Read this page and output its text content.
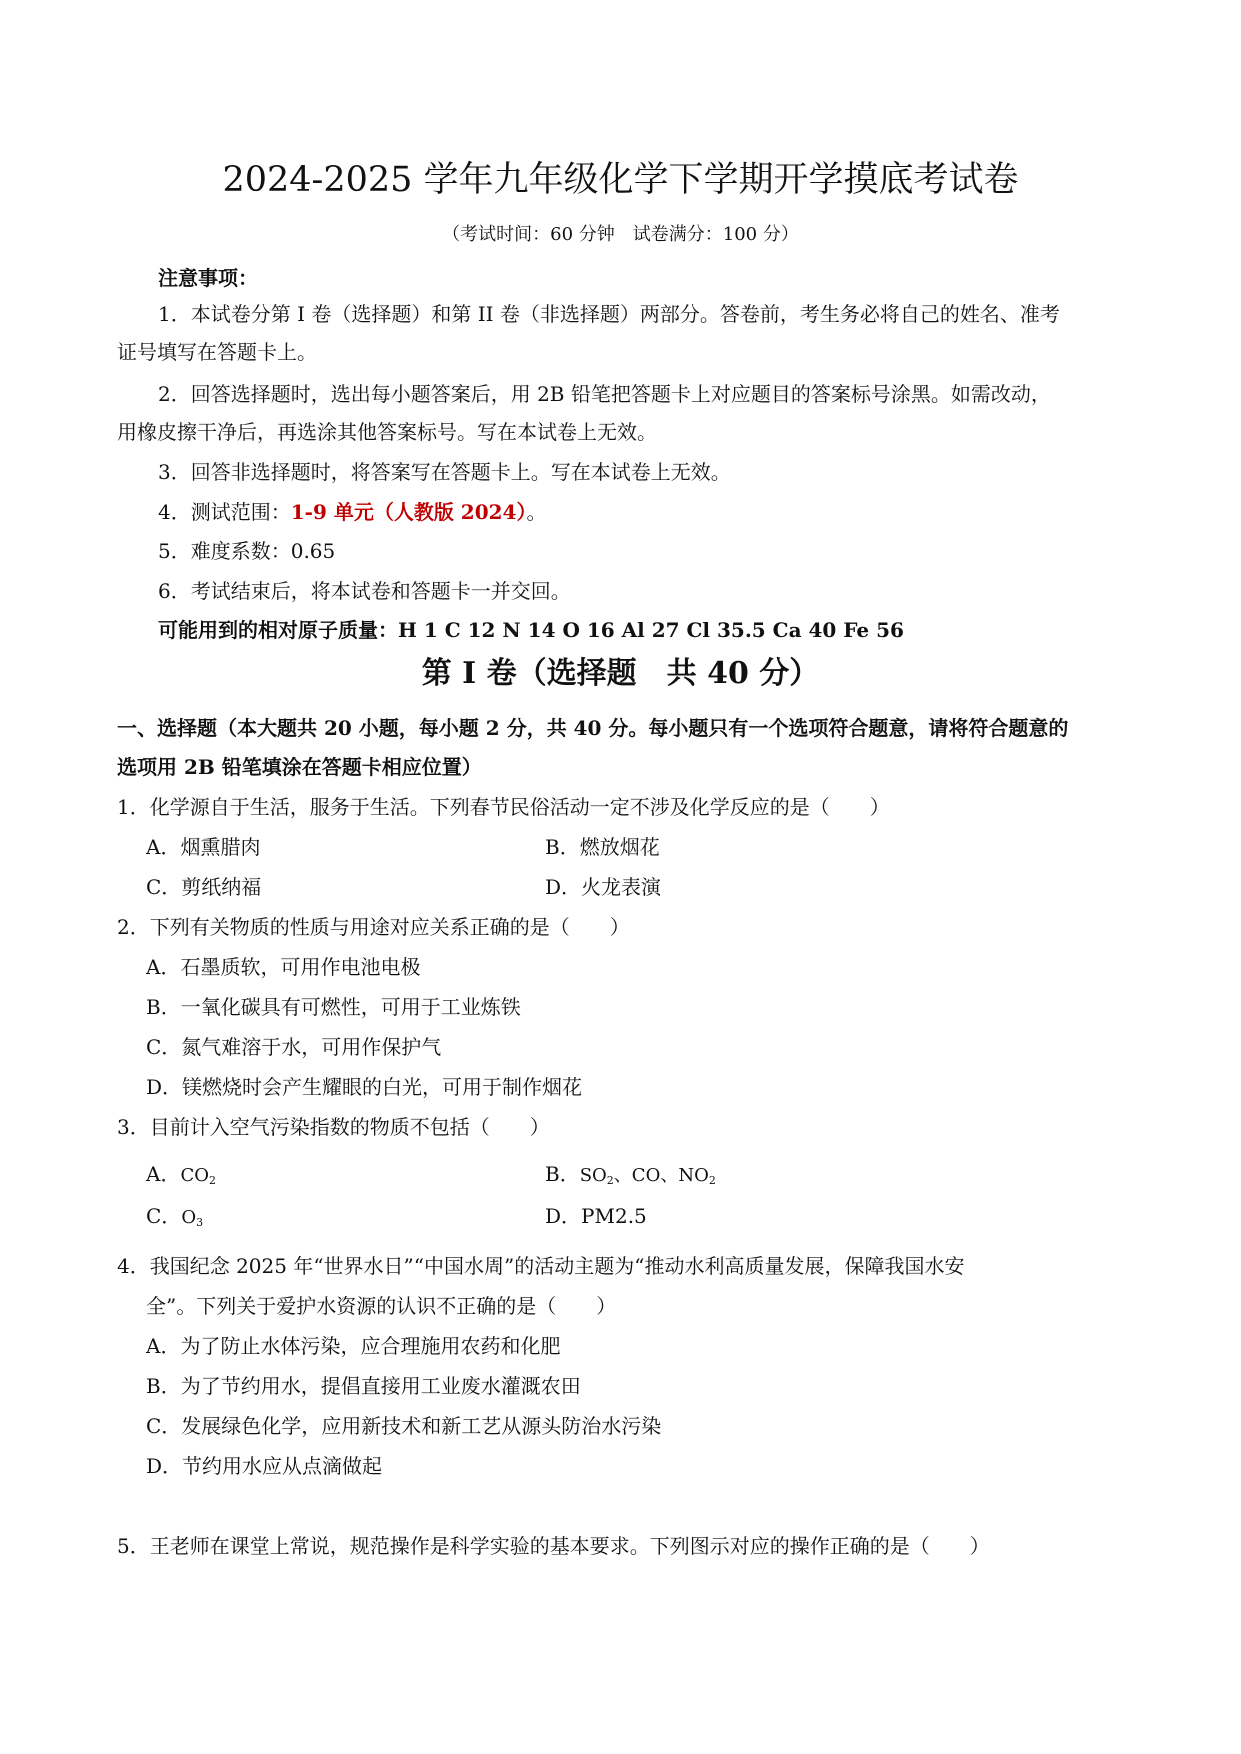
2024-2025 学年九年级化学下学期开学摸底考试卷
（考试时间：60 分钟　试卷满分：100 分）
注意事项：
1．本试卷分第 I 卷（选择题）和第 II 卷（非选择题）两部分。答卷前，考生务必将自己的姓名、准考
证号填写在答题卡上。
2．回答选择题时，选出每小题答案后，用 2B 铅笔把答题卡上对应题目的答案标号涂黑。如需改动，
用橡皮擦干净后，再选涂其他答案标号。写在本试卷上无效。
3．回答非选择题时，将答案写在答题卡上。写在本试卷上无效。
4．测试范围：1-9 单元（人教版 2024）。
5．难度系数：0.65
6．考试结束后，将本试卷和答题卡一并交回。
可能用到的相对原子质量：H 1 C 12 N 14 O 16 Al 27 Cl 35.5 Ca 40 Fe 56
第 I 卷（选择题　共 40 分）
一、选择题（本大题共 20 小题，每小题 2 分，共 40 分。每小题只有一个选项符合题意，请将符合题意的
选项用 2B 铅笔填涂在答题卡相应位置）
1．化学源自于生活，服务于生活。下列春节民俗活动一定不涉及化学反应的是（　　）
A．烟熏腊肉	B．燃放烟花
C．剪纸纳福	D．火龙表演
2．下列有关物质的性质与用途对应关系正确的是（　　）
A．石墨质软，可用作电池电极
B．一氧化碳具有可燃性，可用于工业炼铁
C．氮气难溶于水，可用作保护气
D．镁燃烧时会产生耀眼的白光，可用于制作烟花
3．目前计入空气污染指数的物质不包括（　　）
A．$CO_2$	B．$SO_2$、CO、$NO_2$
C．$O_3$	D．PM2.5
4．我国纪念 2025 年“世界水日”“中国水周”的活动主题为“推动水利高质量发展，保障我国水安
全”。下列关于爱护水资源的认识不正确的是（　　）
A．为了防止水体污染，应合理施用农药和化肥
B．为了节约用水，提倡直接用工业废水灌溉农田
C．发展绿色化学，应用新技术和新工艺从源头防治水污染
D．节约用水应从点滴做起
5．王老师在课堂上常说，规范操作是科学实验的基本要求。下列图示对应的操作正确的是（　　）
